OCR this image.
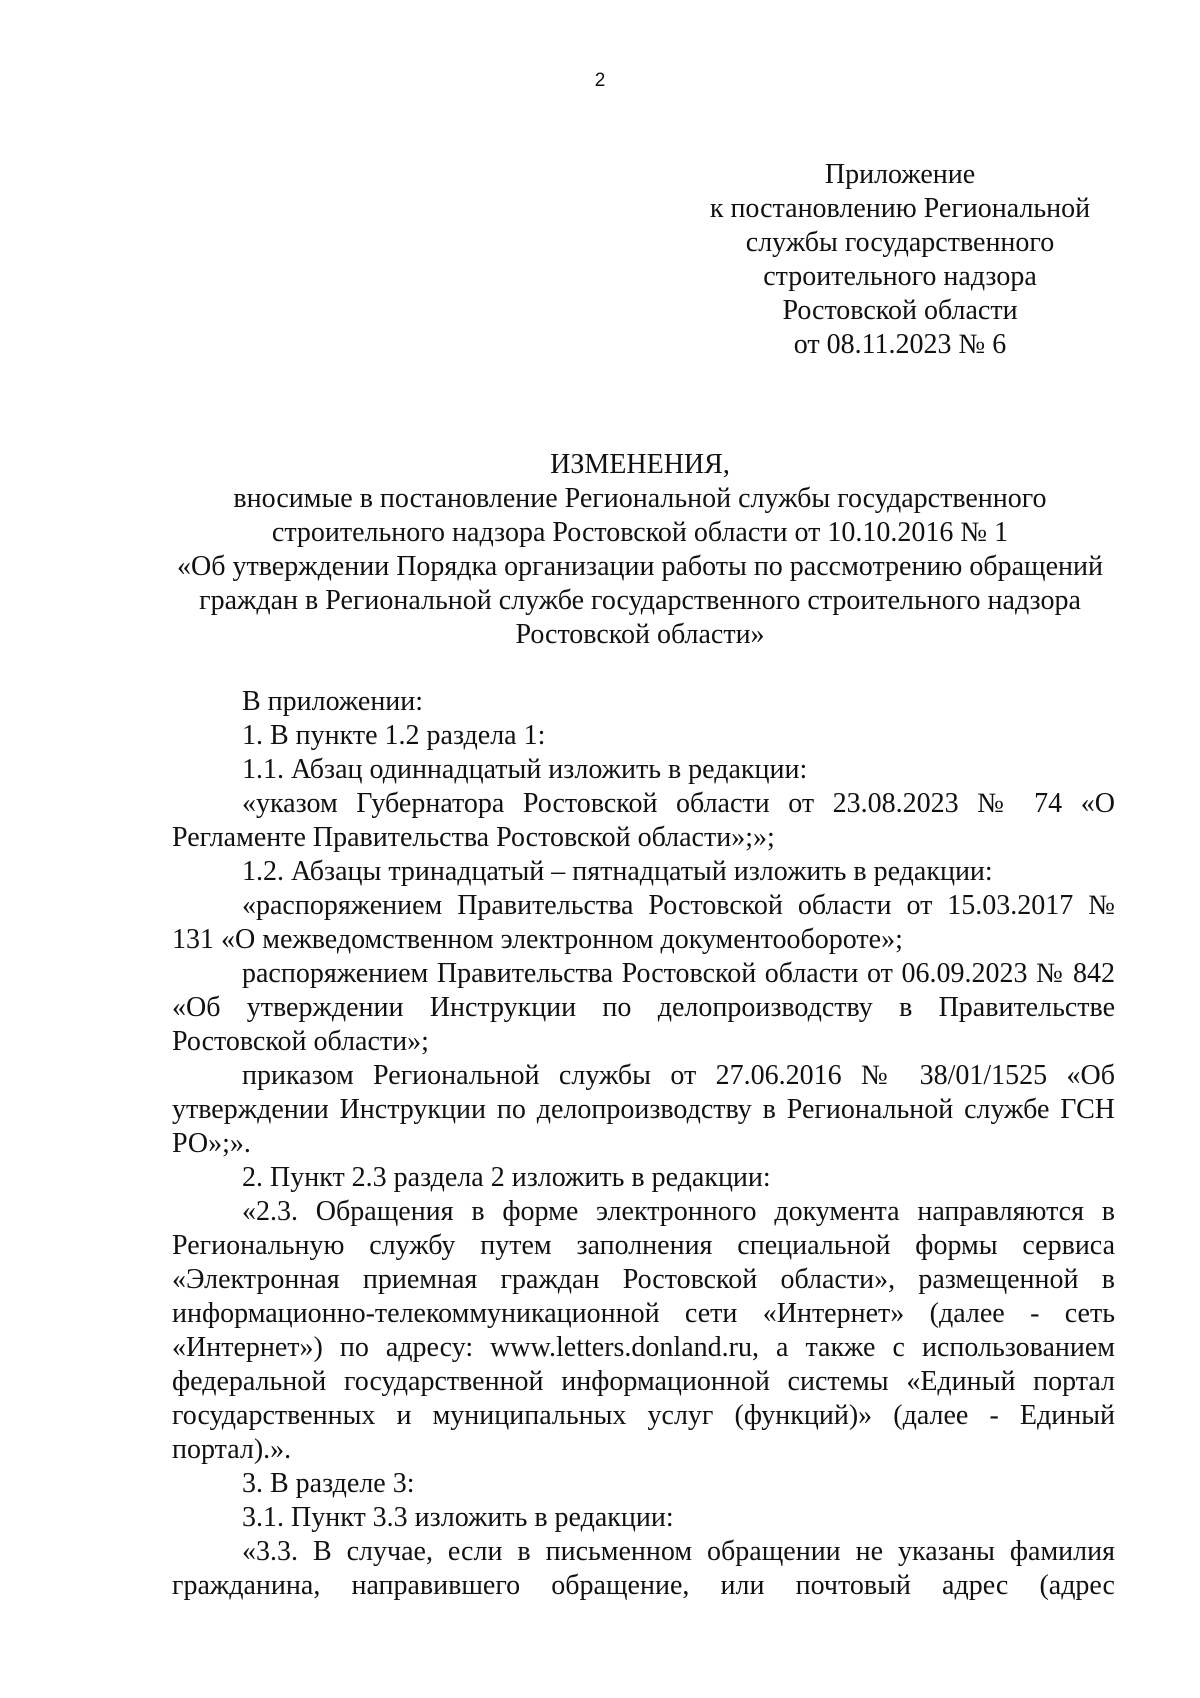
2
Приложение
к постановлению Региональной
службы государственного
строительного надзора
Ростовской области
от 08.11.2023 № 6
ИЗМЕНЕНИЯ,
вносимые в постановление Региональной службы государственного
строительного надзора Ростовской области от 10.10.2016 № 1
«Об утверждении Порядка организации работы по рассмотрению обращений
граждан в Региональной службе государственного строительного надзора
Ростовской области»

В приложении:

1. В пункте 1.2 раздела 1:

1.1. Абзац одиннадцатый изложить в редакции:

«указом Губернатора Ростовской области от 23.08.2023 № 74 «О Регламенте Правительства Ростовской области»;»;

1.2. Абзацы тринадцатый – пятнадцатый изложить в редакции:

«распоряжением Правительства Ростовской области от 15.03.2017 № 131 «О межведомственном электронном документообороте»;

распоряжением Правительства Ростовской области от 06.09.2023 № 842 «Об утверждении Инструкции по делопроизводству в Правительстве Ростовской области»;

приказом Региональной службы от 27.06.2016 № 38/01/1525 «Об утверждении Инструкции по делопроизводству в Региональной службе ГСН РО»;».

2. Пункт 2.3 раздела 2 изложить в редакции:

«2.3. Обращения в форме электронного документа направляются в Региональную службу путем заполнения специальной формы сервиса «Электронная приемная граждан Ростовской области», размещенной в информационно-телекоммуникационной сети «Интернет» (далее - сеть «Интернет») по адресу: www.letters.donland.ru, а также с использованием федеральной государственной информационной системы «Единый портал государственных и муниципальных услуг (функций)» (далее - Единый портал).».

3. В разделе 3:

3.1. Пункт 3.3 изложить в редакции:

«3.3. В случае, если в письменном обращении не указаны фамилия гражданина, направившего обращение, или почтовый адрес (адрес
